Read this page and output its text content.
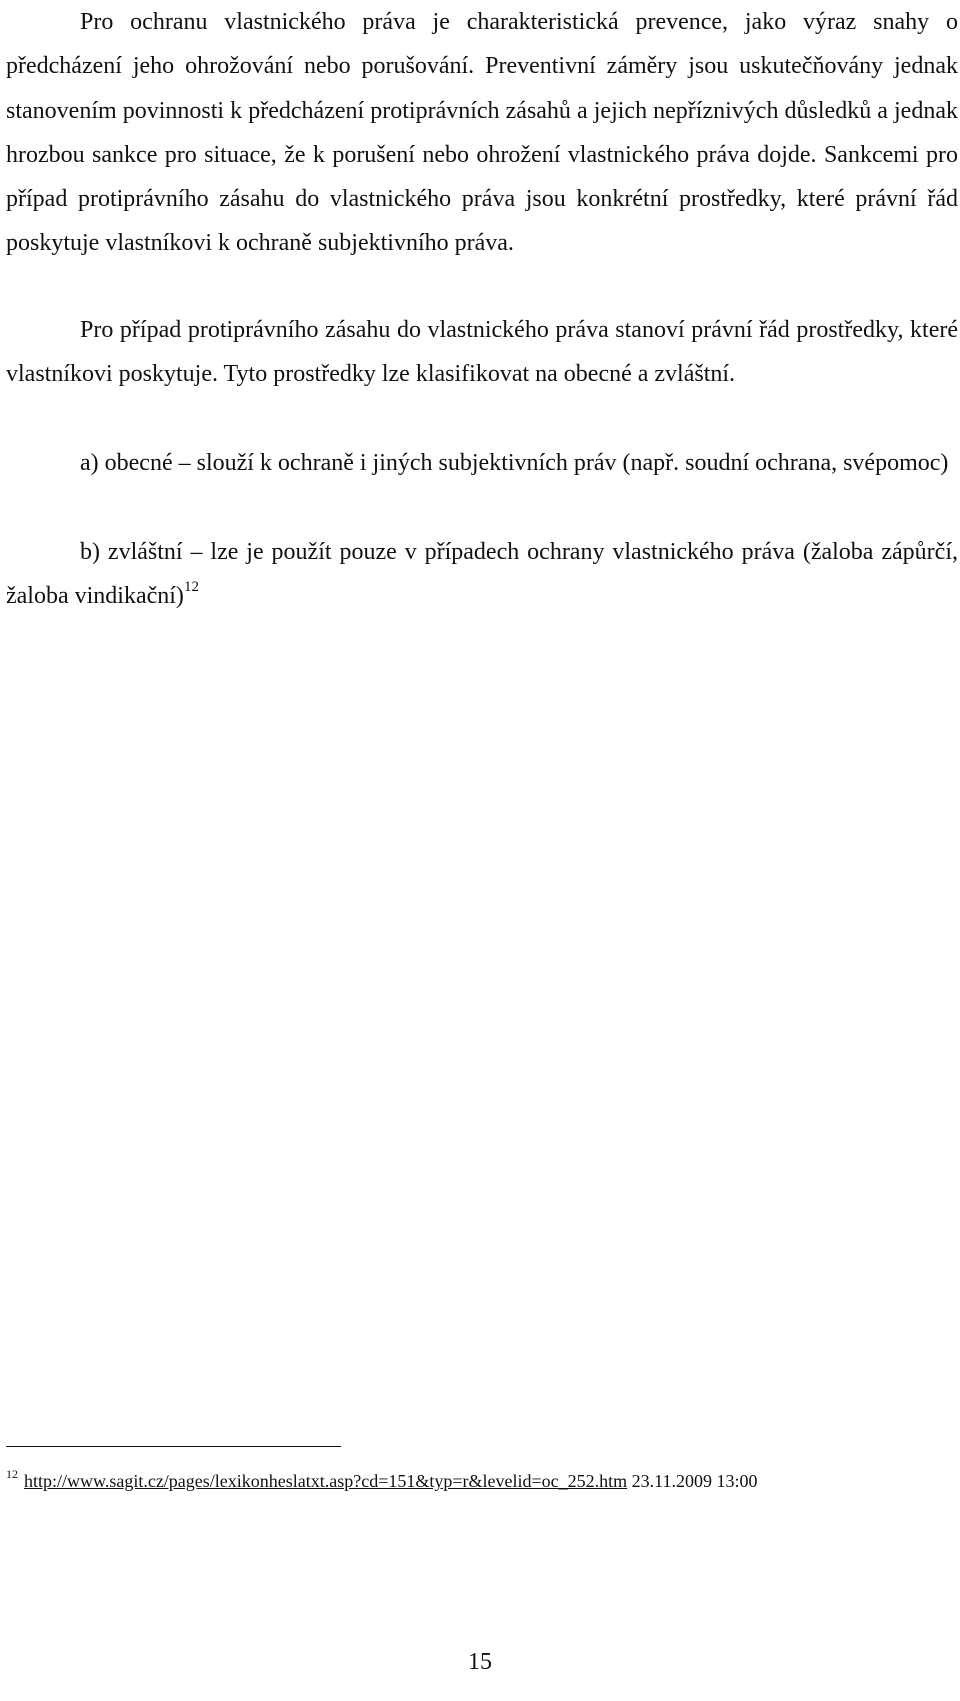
Pro ochranu vlastnického práva je charakteristická prevence, jako výraz snahy o předcházení jeho ohrožování nebo porušování. Preventivní záměry jsou uskutečňovány jednak stanovením povinnosti k předcházení protiprávních zásahů a jejich nepříznivých důsledků a jednak hrozbou sankce pro situace, že k porušení nebo ohrožení vlastnického práva dojde. Sankcemi pro případ protiprávního zásahu do vlastnického práva jsou konkrétní prostředky, které právní řád poskytuje vlastníkovi k ochraně subjektivního práva.

Pro případ protiprávního zásahu do vlastnického práva stanoví právní řád prostředky, které vlastníkovi poskytuje. Tyto prostředky lze klasifikovat na obecné a zvláštní.

a) obecné – slouží k ochraně i jiných subjektivních práv (např. soudní ochrana, svépomoc)

b) zvláštní – lze je použít pouze v případech ochrany vlastnického práva (žaloba zápůrčí, žaloba vindikační)$^{12}$

$^{12}$ http://www.sagit.cz/pages/lexikonheslatxt.asp?cd=151&typ=r&levelid=oc_252.htm 23.11.2009 13:00
15
